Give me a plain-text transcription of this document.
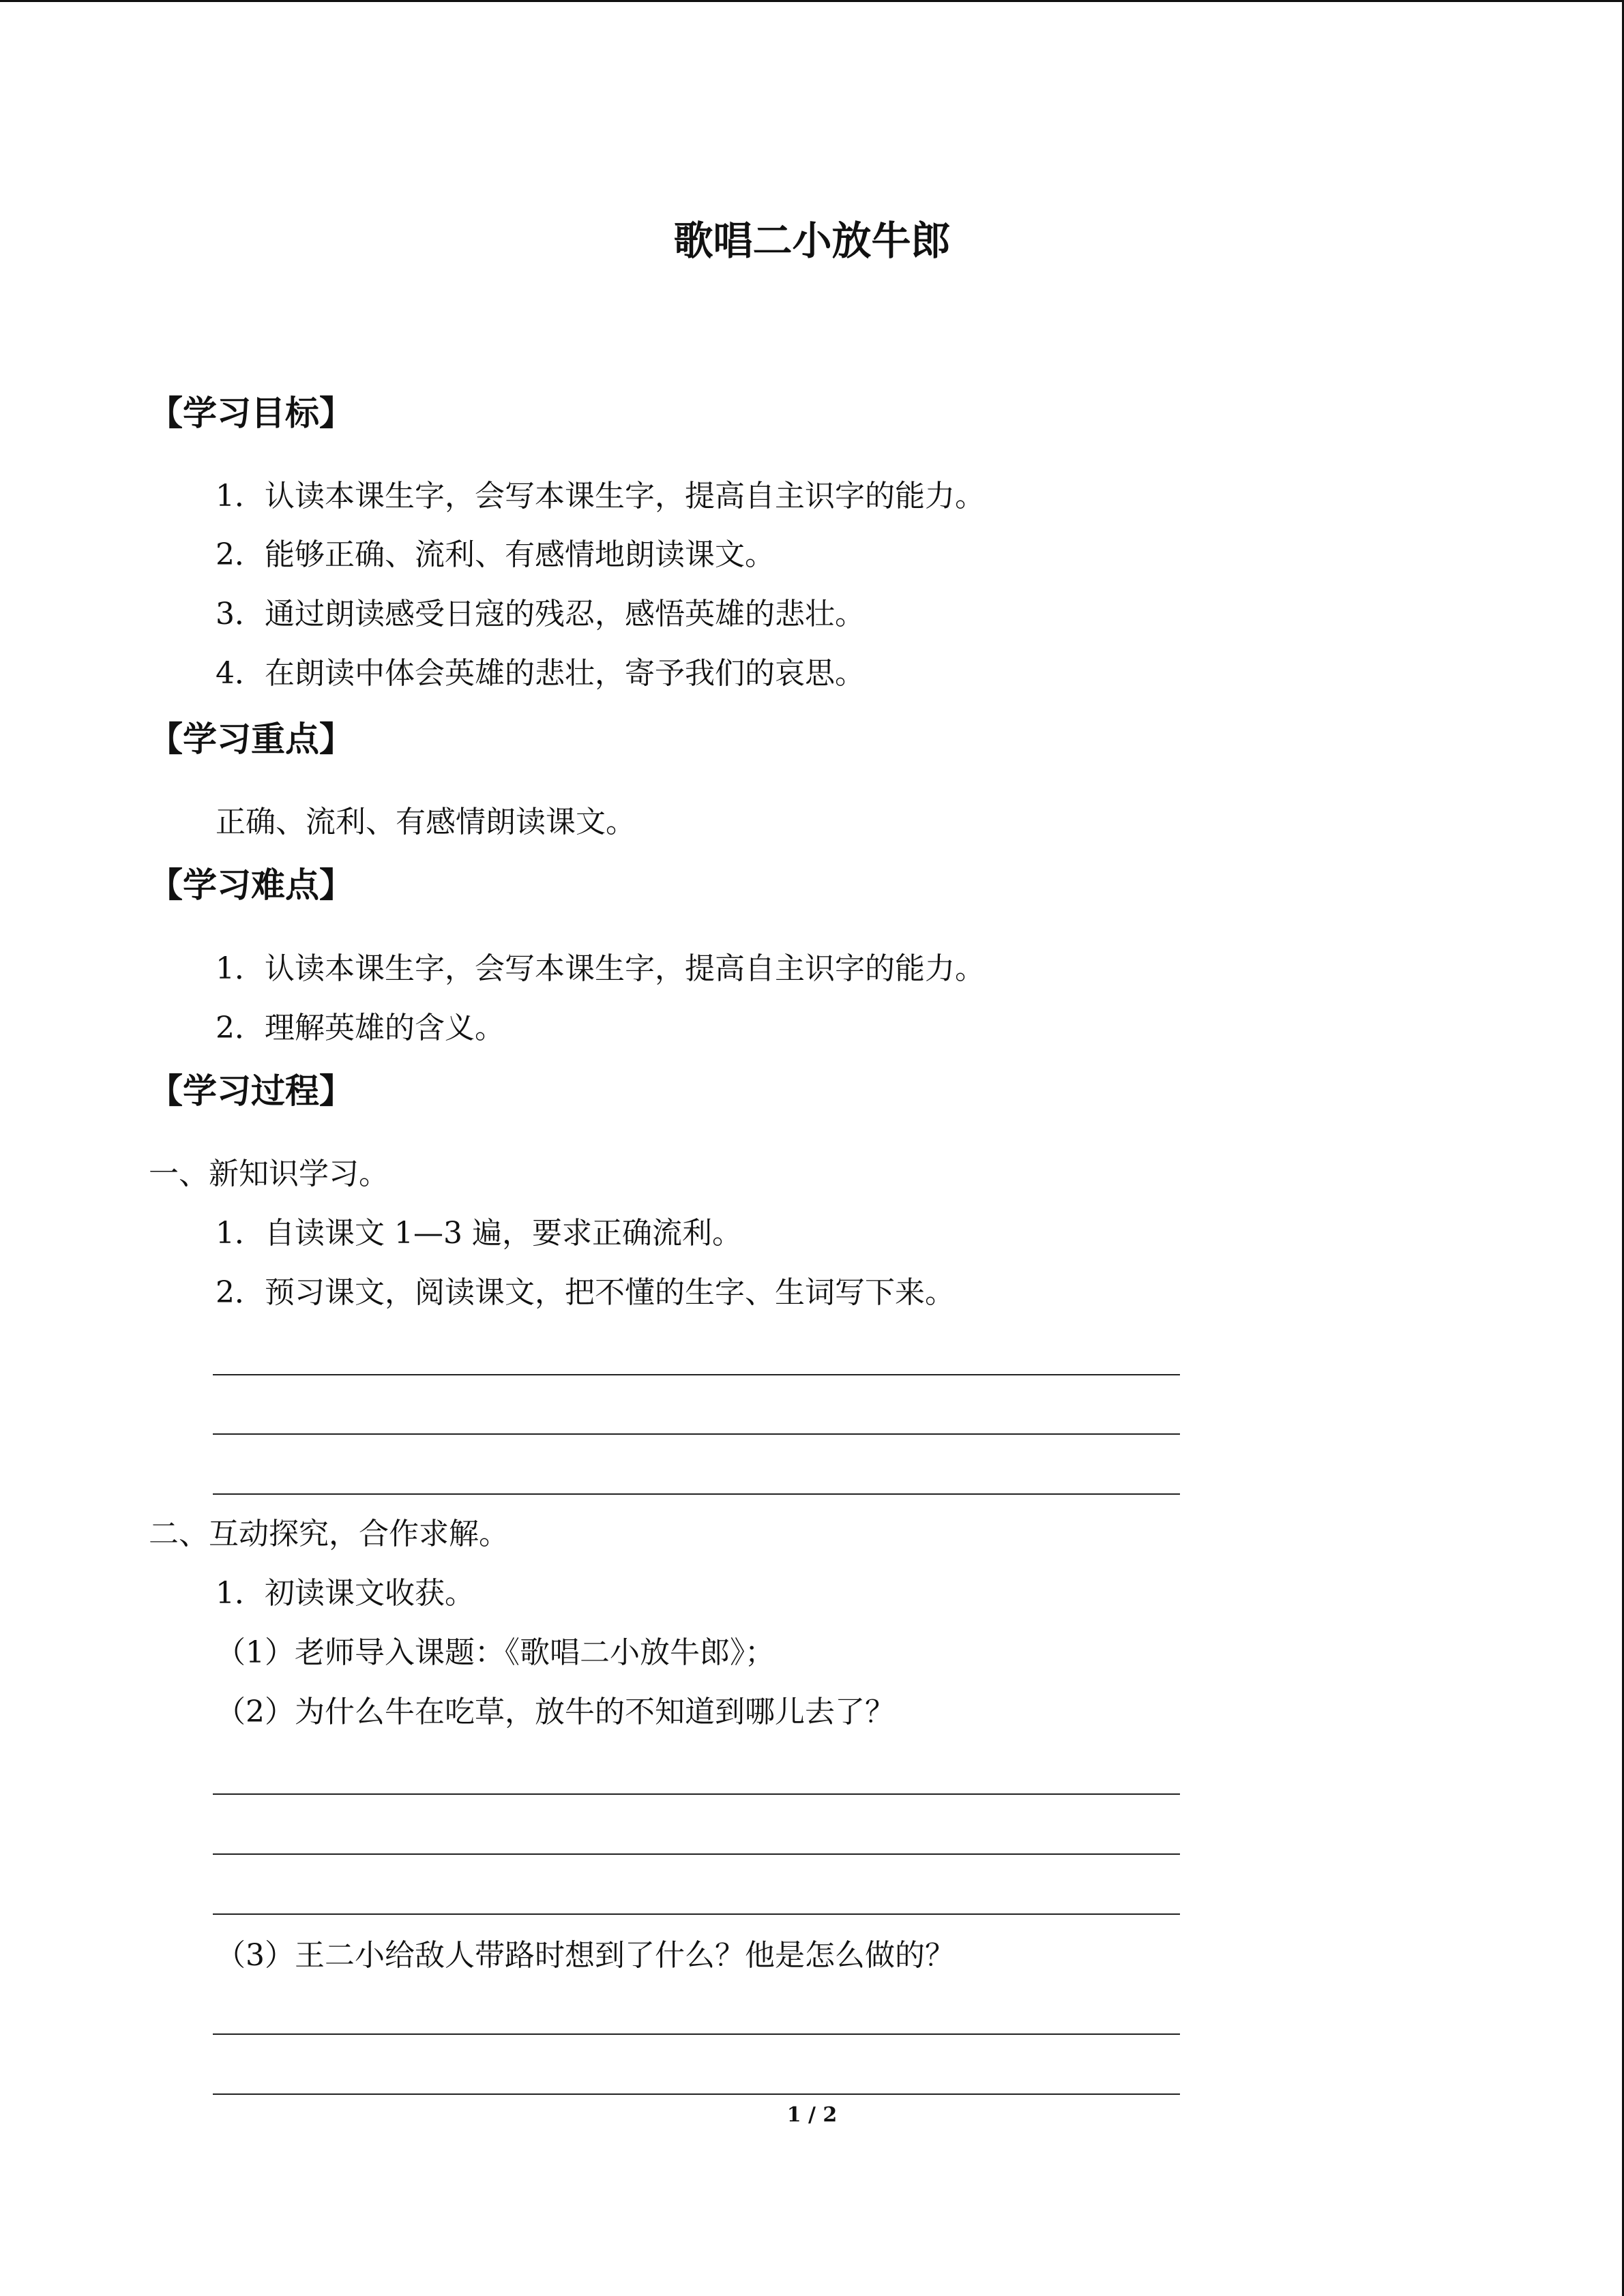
歌唱二小放牛郎
【学习目标】
1．认读本课生字，会写本课生字，提高自主识字的能力。
2．能够正确、流利、有感情地朗读课文。
3．通过朗读感受日寇的残忍，感悟英雄的悲壮。
4．在朗读中体会英雄的悲壮，寄予我们的哀思。
【学习重点】
正确、流利、有感情朗读课文。
【学习难点】
1．认读本课生字，会写本课生字，提高自主识字的能力。
2．理解英雄的含义。
【学习过程】
一、新知识学习。
1．自读课文 1—3 遍，要求正确流利。
2．预习课文，阅读课文，把不懂的生字、生词写下来。
二、互动探究，合作求解。
1．初读课文收获。
（1）老师导入课题：《歌唱二小放牛郎》；
（2）为什么牛在吃草，放牛的不知道到哪儿去了？
（3）王二小给敌人带路时想到了什么？他是怎么做的？
1 / 2
